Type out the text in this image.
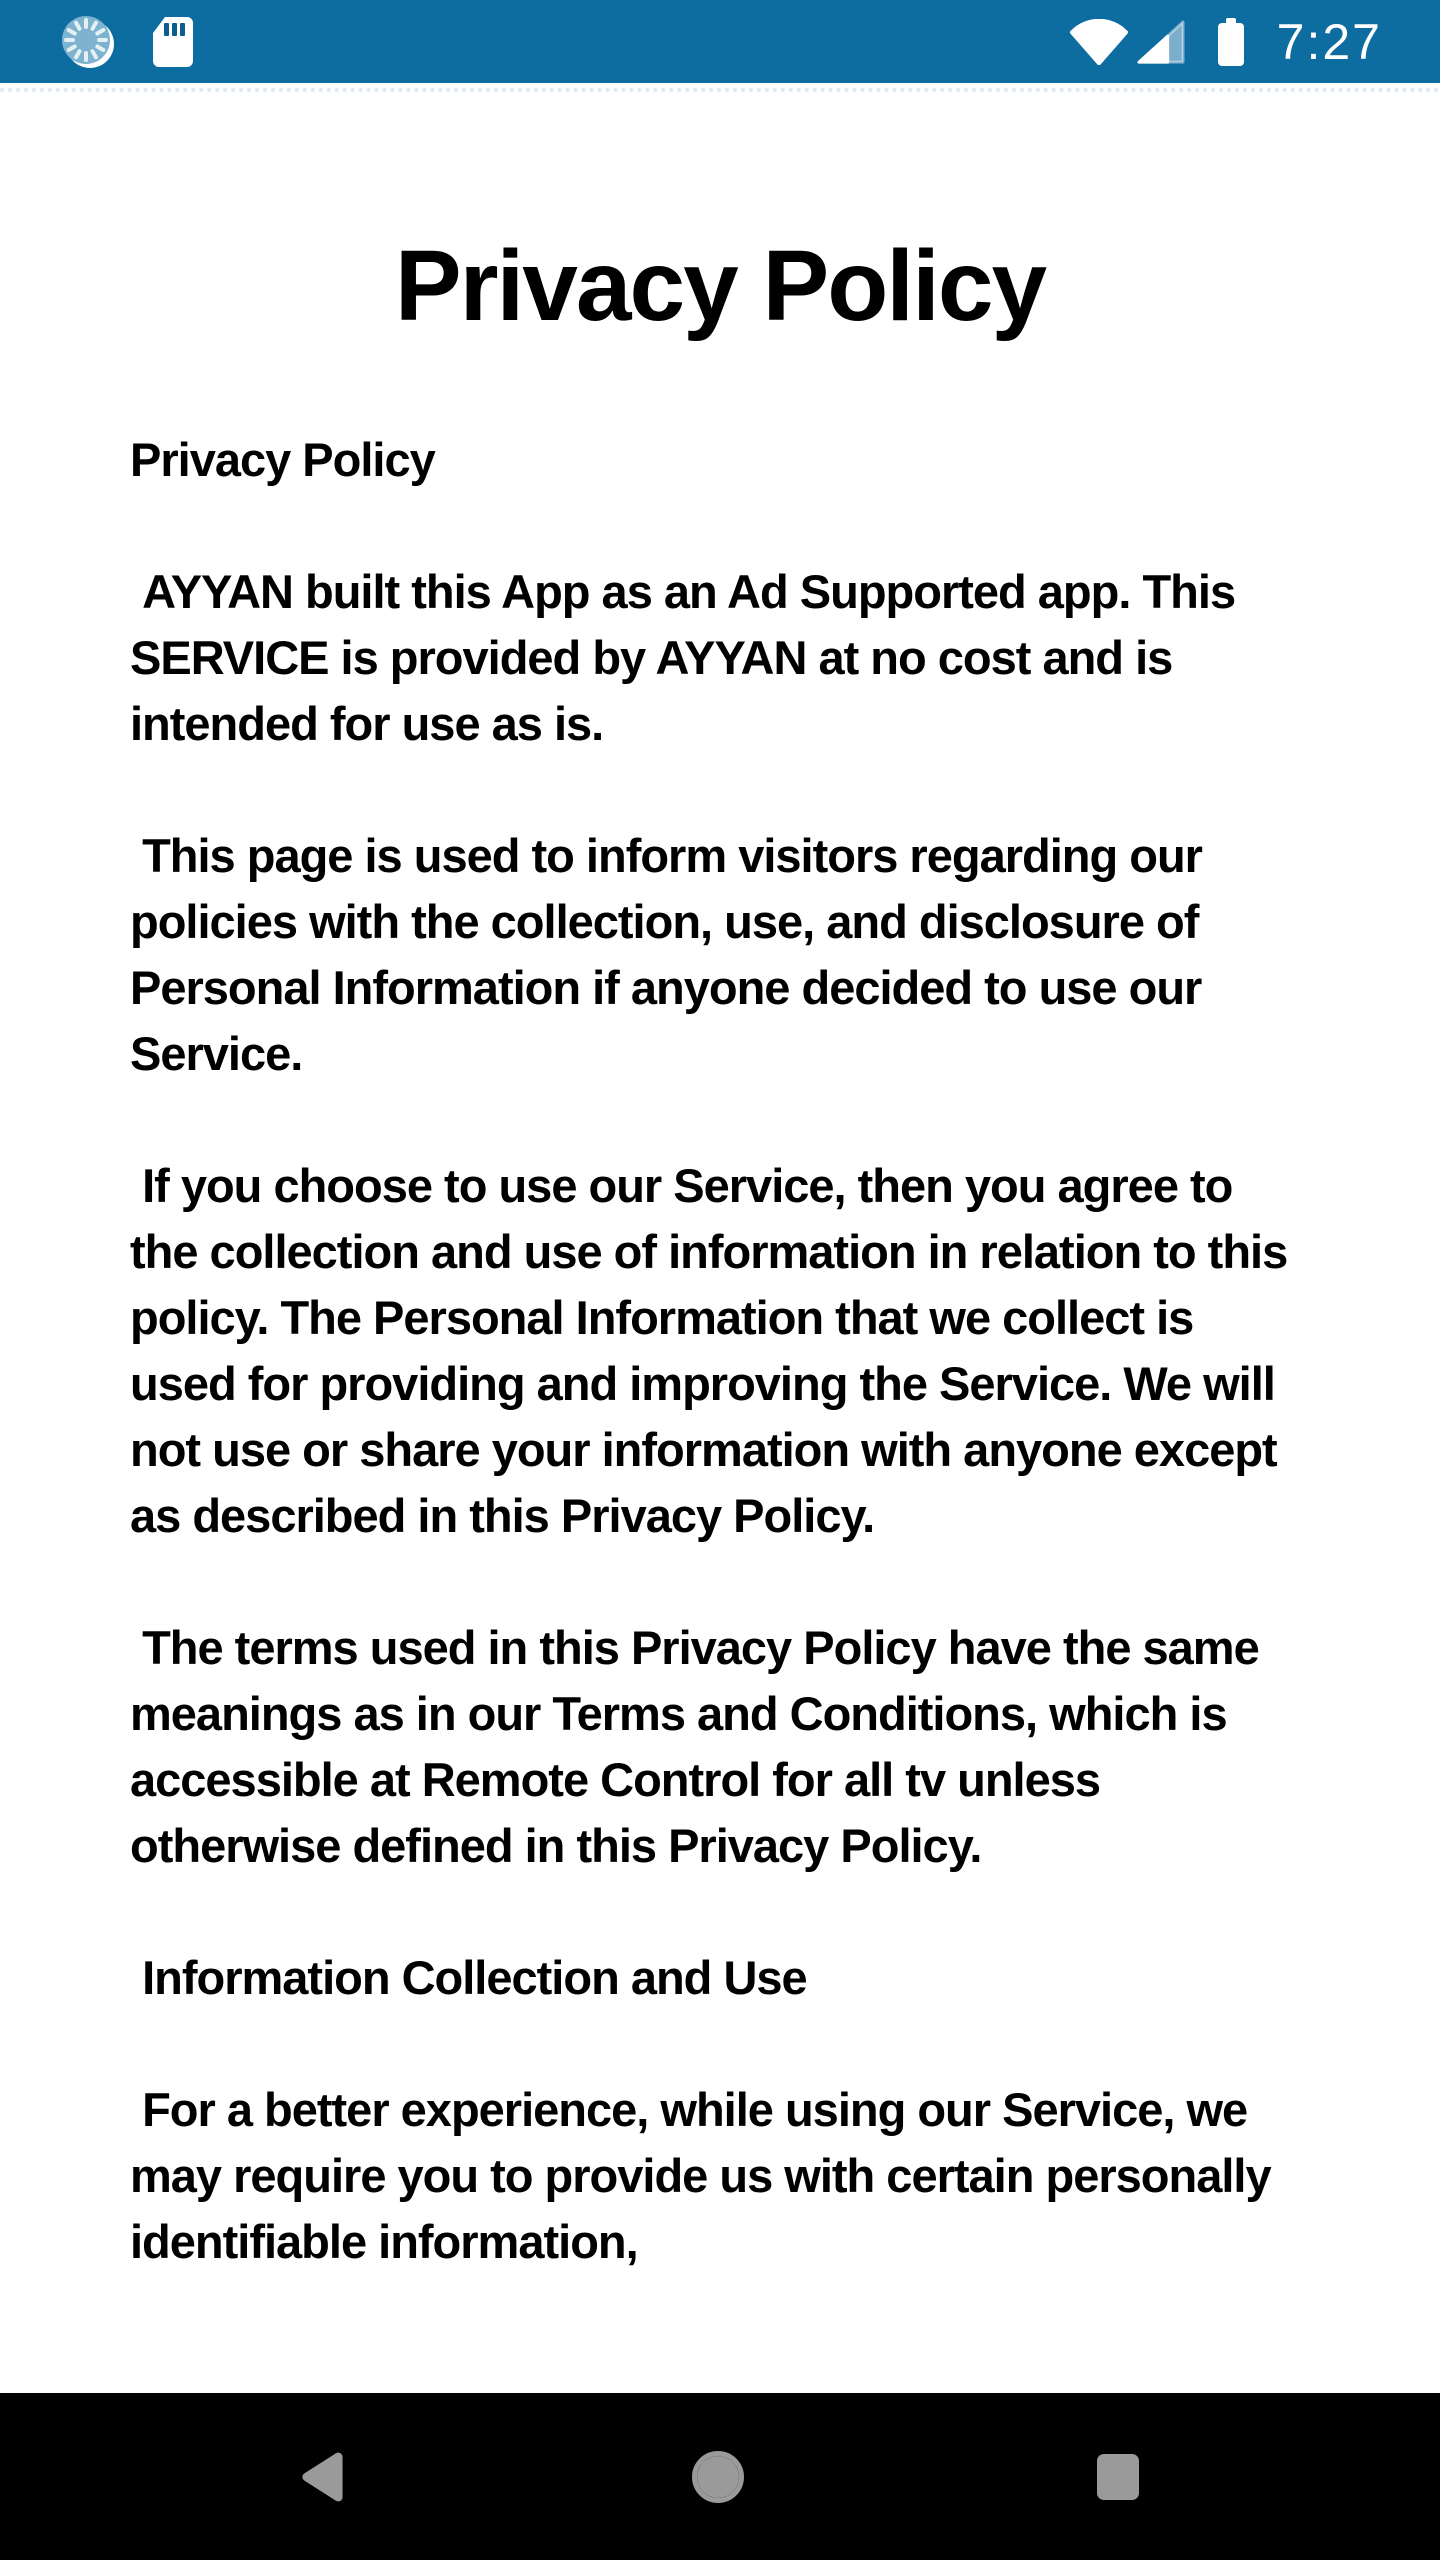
7:27
Privacy Policy
Privacy Policy

AYYAN built this App as an Ad Supported app. This SERVICE is provided by AYYAN at no cost and is intended for use as is.

This page is used to inform visitors regarding our policies with the collection, use, and disclosure of Personal Information if anyone decided to use our Service.

If you choose to use our Service, then you agree to the collection and use of information in relation to this policy. The Personal Information that we collect is used for providing and improving the Service. We will not use or share your information with anyone except as described in this Privacy Policy.

The terms used in this Privacy Policy have the same meanings as in our Terms and Conditions, which is accessible at Remote Control for all tv unless otherwise defined in this Privacy Policy.

Information Collection and Use

For a better experience, while using our Service, we may require you to provide us with certain personally identifiable information,
